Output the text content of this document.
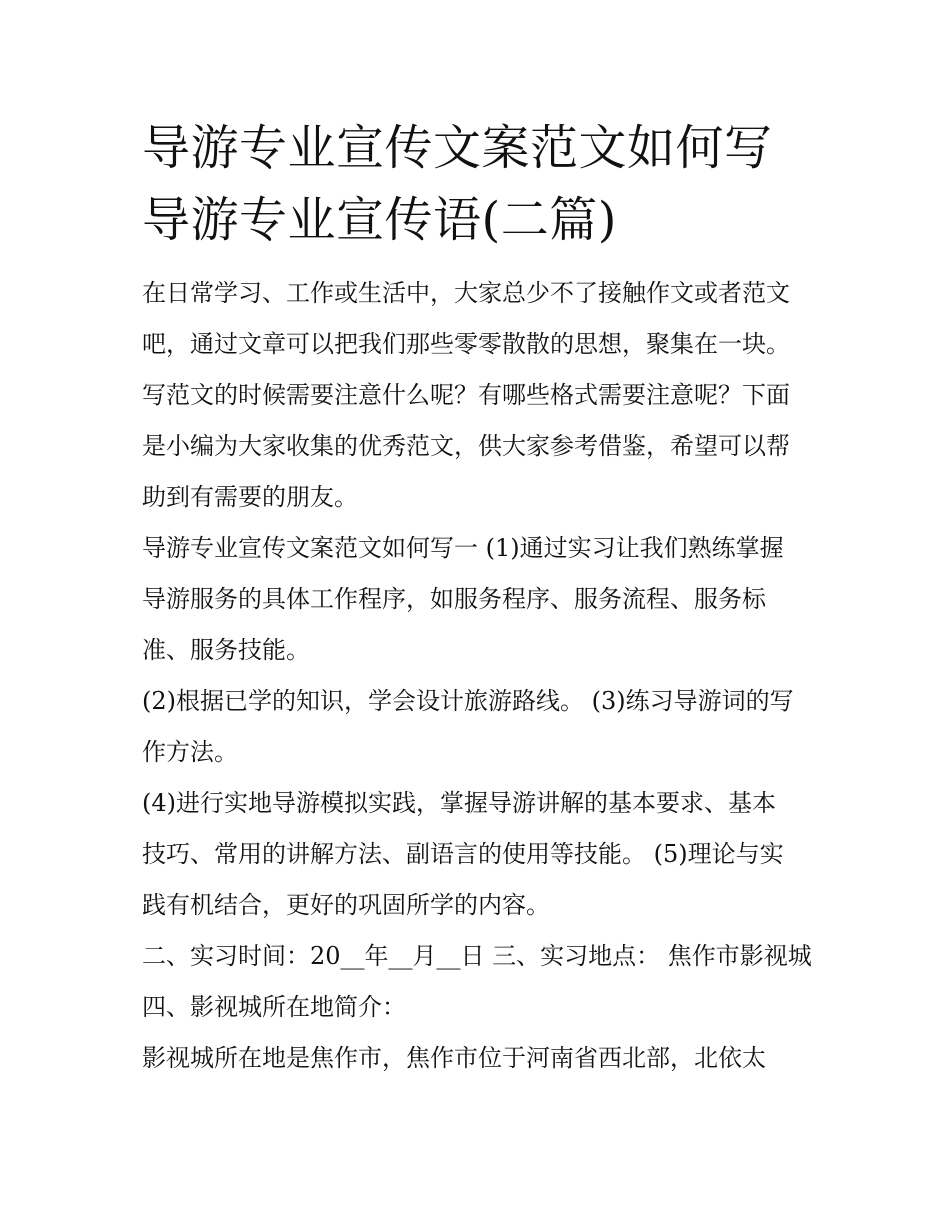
导游专业宣传文案范文如何写
导游专业宣传语(二篇)

在日常学习、工作或生活中，大家总少不了接触作文或者范文
吧，通过文章可以把我们那些零零散散的思想，聚集在一块。
写范文的时候需要注意什么呢？有哪些格式需要注意呢？下面
是小编为大家收集的优秀范文，供大家参考借鉴，希望可以帮
助到有需要的朋友。

导游专业宣传文案范文如何写一 (1)通过实习让我们熟练掌握
导游服务的具体工作程序，如服务程序、服务流程、服务标
准、服务技能。

(2)根据已学的知识，学会设计旅游路线。 (3)练习导游词的写
作方法。

(4)进行实地导游模拟实践，掌握导游讲解的基本要求、基本
技巧、常用的讲解方法、副语言的使用等技能。 (5)理论与实
践有机结合，更好的巩固所学的内容。

二、实习时间：20__年__月__日 三、实习地点： 焦作市影视城
四、影视城所在地简介：

影视城所在地是焦作市，焦作市位于河南省西北部，北依太
